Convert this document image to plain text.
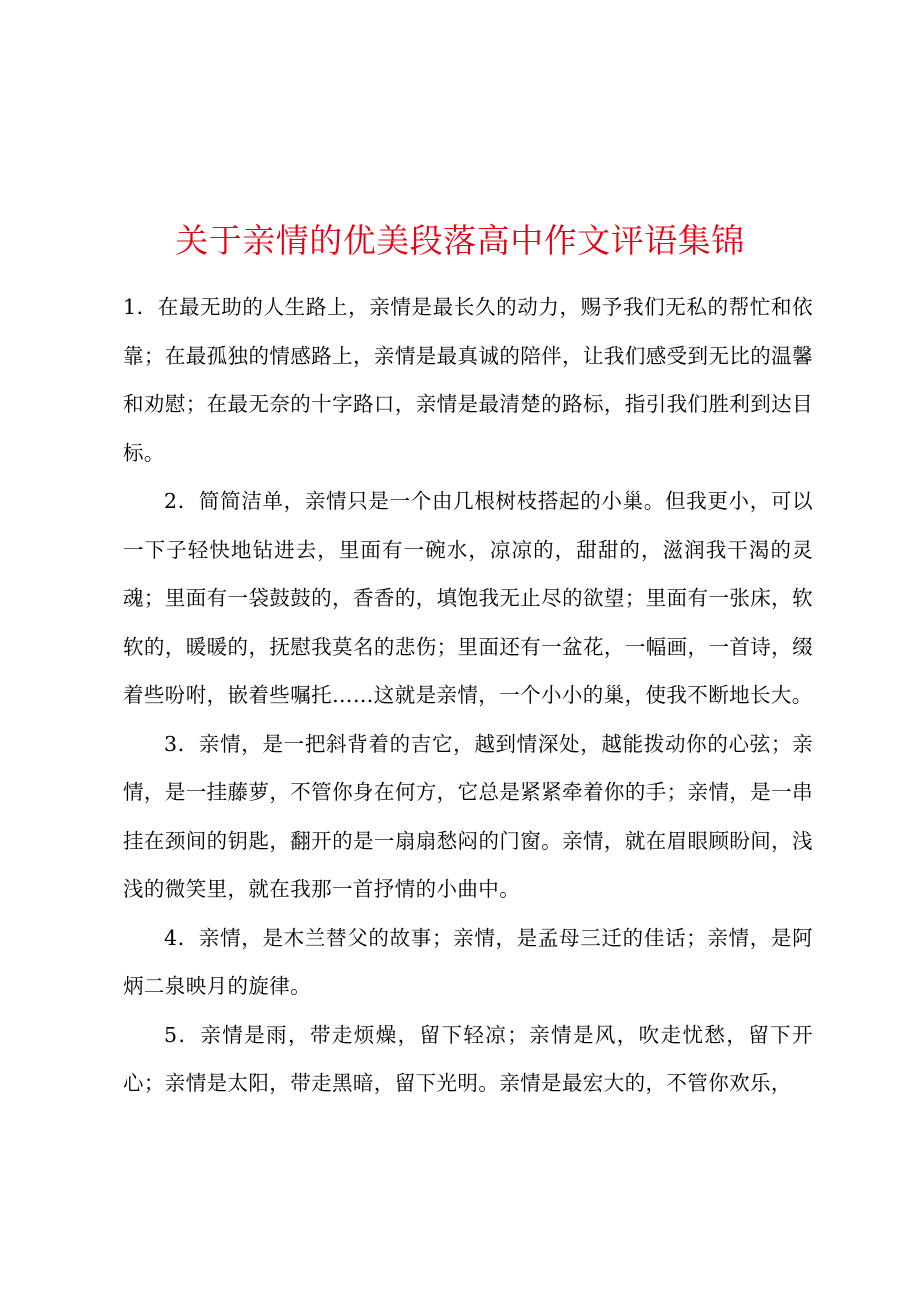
关于亲情的优美段落高中作文评语集锦

1．在最无助的人生路上，亲情是最长久的动力，赐予我们无私的帮忙和依靠；在最孤独的情感路上，亲情是最真诚的陪伴，让我们感受到无比的温馨和劝慰；在最无奈的十字路口，亲情是最清楚的路标，指引我们胜利到达目标。

2．简简洁单，亲情只是一个由几根树枝搭起的小巢。但我更小，可以一下子轻快地钻进去，里面有一碗水，凉凉的，甜甜的，滋润我干渴的灵魂；里面有一袋鼓鼓的，香香的，填饱我无止尽的欲望；里面有一张床，软软的，暖暖的，抚慰我莫名的悲伤；里面还有一盆花，一幅画，一首诗，缀着些吩咐，嵌着些嘱托……这就是亲情，一个小小的巢，使我不断地长大。

3．亲情，是一把斜背着的吉它，越到情深处，越能拨动你的心弦；亲情，是一挂藤萝，不管你身在何方，它总是紧紧牵着你的手；亲情，是一串挂在颈间的钥匙，翻开的是一扇扇愁闷的门窗。亲情，就在眉眼顾盼间，浅浅的微笑里，就在我那一首抒情的小曲中。

4．亲情，是木兰替父的故事；亲情，是孟母三迁的佳话；亲情，是阿炳二泉映月的旋律。

5．亲情是雨，带走烦燥，留下轻凉；亲情是风，吹走忧愁，留下开心；亲情是太阳，带走黑暗，留下光明。亲情是最宏大的，不管你欢乐，
